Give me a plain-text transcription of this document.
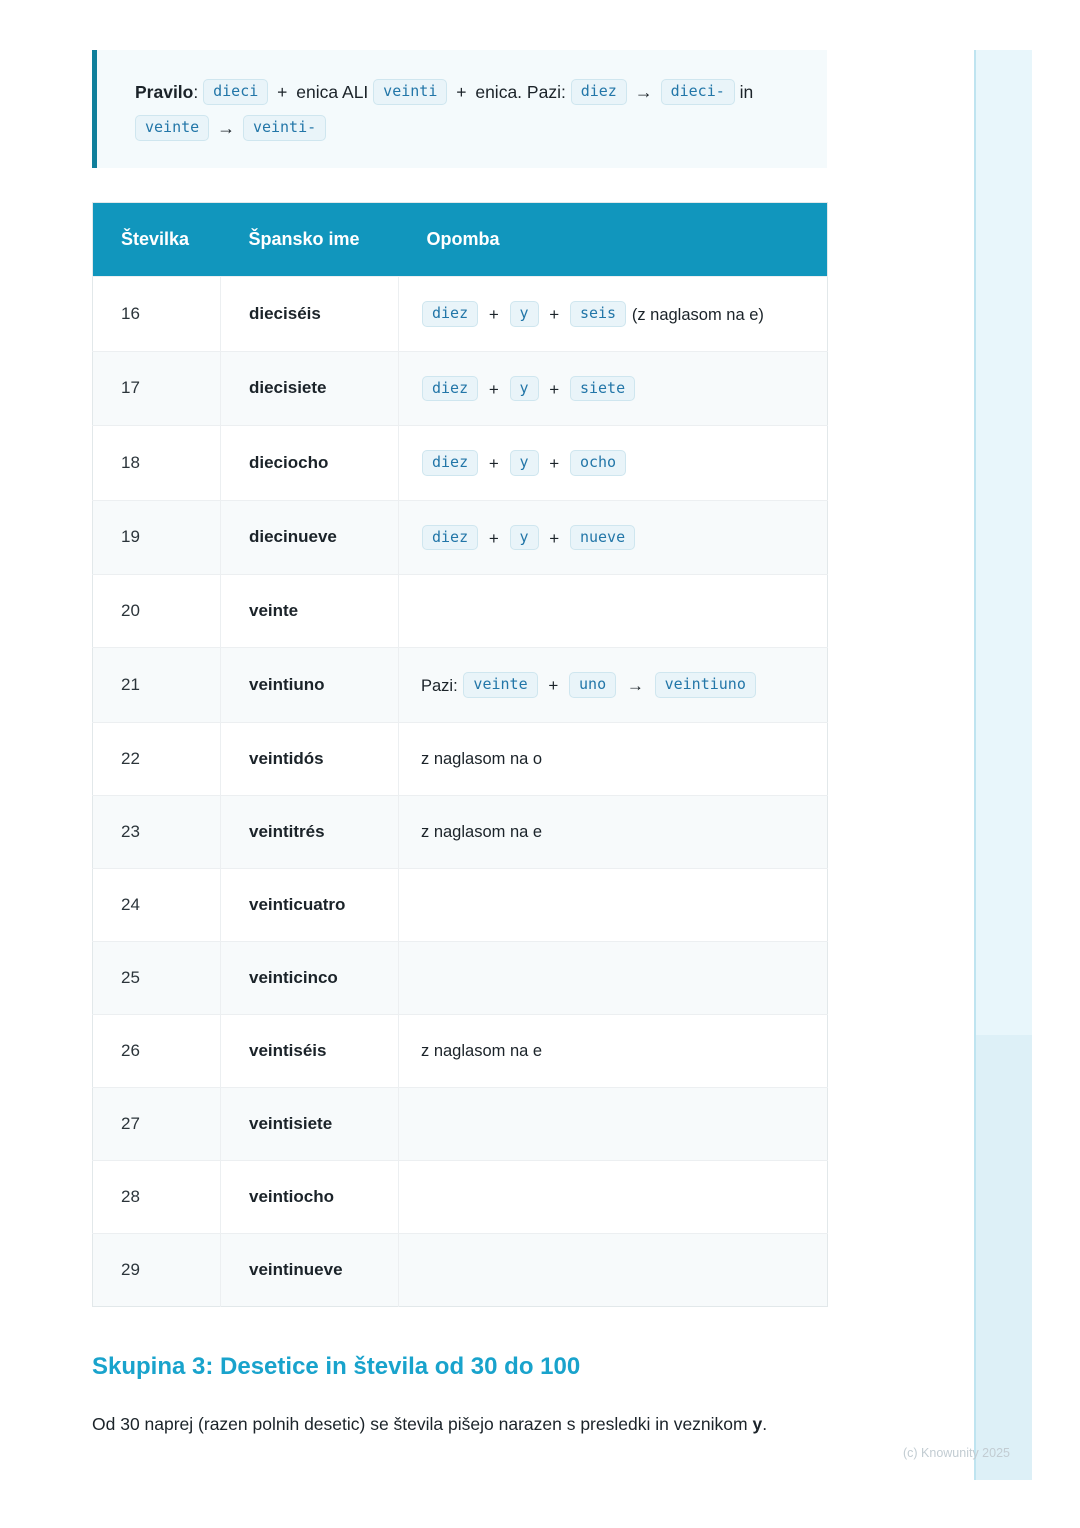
Pravilo: dieci + enica ALI veinti + enica. Pazi: diez → dieci- in veinte → veinti-
Številka	Špansko ime	Opomba
16	dieciséis	diez + y + seis (z naglasom na e)
17	diecisiete	diez + y + siete
18	dieciocho	diez + y + ocho
19	diecinueve	diez + y + nueve
20	veinte	
21	veintiuno	Pazi: veinte + uno → veintiuno
22	veintidós	z naglasom na o
23	veintitrés	z naglasom na e
24	veinticuatro	
25	veinticinco	
26	veintiséis	z naglasom na e
27	veintisiete	
28	veintiocho	
29	veintinueve	
Skupina 3: Desetice in števila od 30 do 100

Od 30 naprej (razen polnih desetic) se števila pišejo narazen s presledki in veznikom y.

(c) Knowunity 2025
